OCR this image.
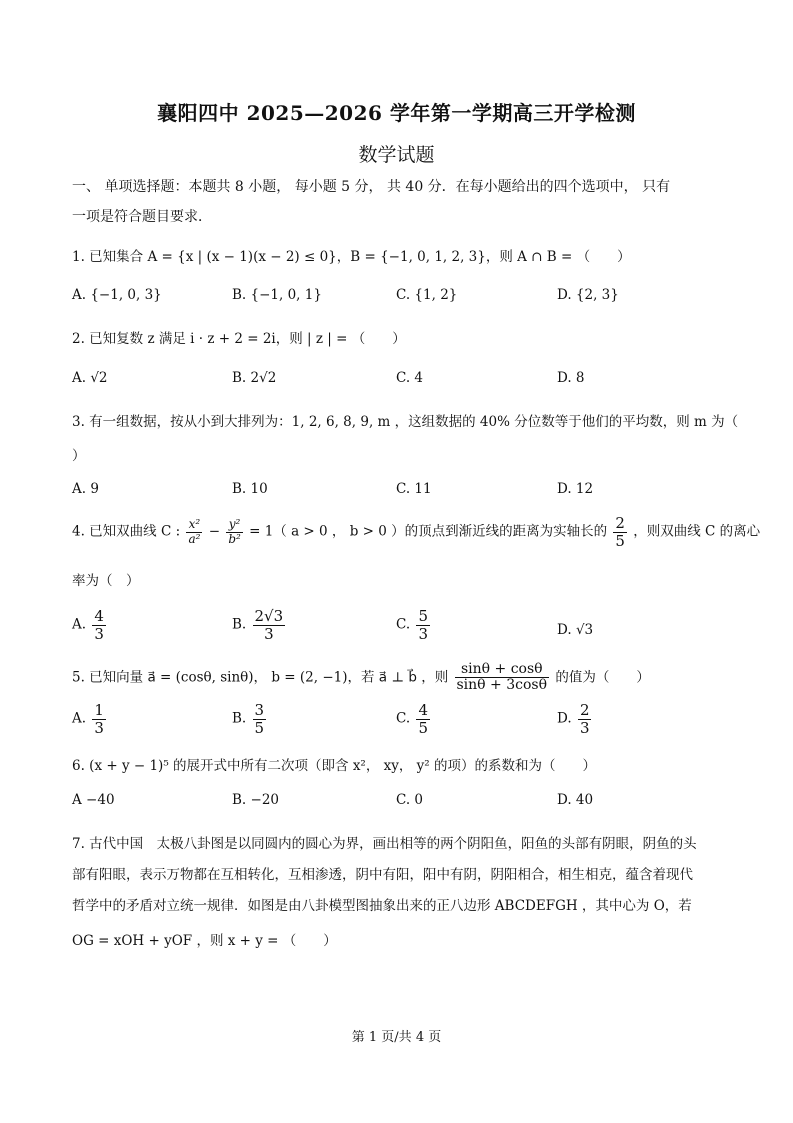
襄阳四中 2025—2026 学年第一学期高三开学检测
数学试题
一、 单项选择题：本题共 8 小题， 每小题 5 分， 共 40 分．在每小题给出的四个选项中， 只有
一项是符合题目要求．
1. 已知集合 A = {x | (x − 1)(x − 2) ≤ 0}，B = {−1, 0, 1, 2, 3}，则 A ∩ B = （　　）
A. {−1, 0, 3}	B. {−1, 0, 1}	C. {1, 2}	D. {2, 3}
2. 已知复数 z 满足 i · z + 2 = 2i，则 | z | = （　　）
A. √2	B. 2√2	C. 4	D. 8
3. 有一组数据，按从小到大排列为：1, 2, 6, 8, 9, m ，这组数据的 40% 分位数等于他们的平均数，则 m 为（
）
A. 9	B. 10	C. 11	D. 12
4. 已知双曲线 C : $\frac{\text{x²}}{\text{a²}} - \frac{\text{y²}}{\text{b²}} = 1$（ a > 0 ， b > 0 ）的顶点到渐近线的距离为实轴长的 $\frac{2}{5}$ ，则双曲线 C 的离心
率为（　）
A. $\frac{4}{3}$	B. $\frac{2√3}{3}$	C. $\frac{5}{3}$	D. √3
5. 已知向量 a⃗ = (cosθ, sinθ)， b = (2, −1)，若 a⃗ ⊥ b⃗ ，则 $\frac{\sin\theta + \cos\theta}{\sin\theta + 3\cos\theta}$ 的值为（　　）
A. $\frac{1}{3}$	B. $\frac{3}{5}$	C. $\frac{4}{5}$	D. $\frac{2}{3}$
6. (x + y − 1)⁵ 的展开式中所有二次项（即含 x²， xy， y² 的项）的系数和为（　　）
A −40	B. −20	C. 0	D. 40
7. 古代中国　太极八卦图是以同圆内的圆心为界，画出相等的两个阴阳鱼，阳鱼的头部有阴眼，阴鱼的头
部有阳眼，表示万物都在互相转化，互相渗透，阴中有阳，阳中有阴，阴阳相合，相生相克，蕴含着现代
哲学中的矛盾对立统一规律．如图是由八卦模型图抽象出来的正八边形 ABCDEFGH ，其中心为 O，若
OG = xOH + yOF ，则 x + y = （　　）
第 1 页/共 4 页
